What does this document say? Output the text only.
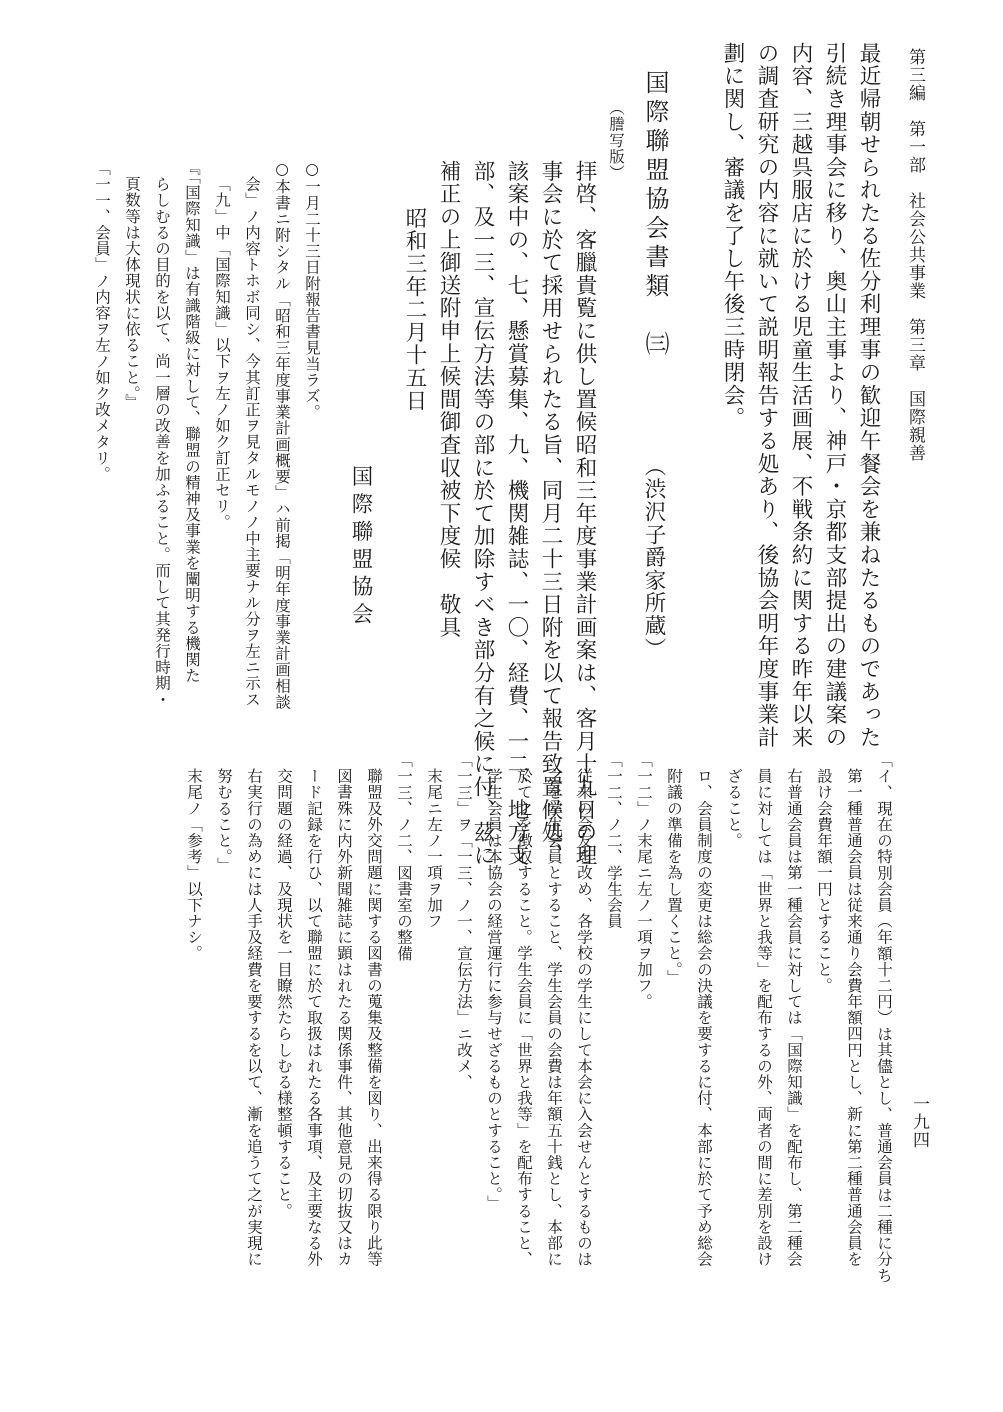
第三編　第一部　社会公共事業　第三章　国際親善
最近帰朝せられたる佐分利理事の歓迎午餐会を兼ねたるものであった
引続き理事会に移り、奥山主事より、神戸・京都支部提出の建議案の
内容、三越呉服店に於ける児童生活画展、不戦条約に関する昨年以来
の調査研究の内容に就いて説明報告する処あり、後協会明年度事業計
劃に関し、審議を了し午後三時閉会。
国際聯盟協会書類　㈢
（渋沢子爵家所蔵）
（謄写版）
拝啓、客臘貴覧に供し置候昭和三年度事業計画案は、客月十九日の理
事会に於て採用せられたる旨、同月二十三日附を以て報告致置候処、
該案中の、七、懸賞募集、九、機関雑誌、一〇、経費、一二、地方支
部、及一三、宣伝方法等の部に於て加除すべき部分有之候に付、茲に
補正の上御送附申上候間御査収被下度候　敬具
昭和三年二月十五日
国際聯盟協会
○一月二十三日附報告書見当ラズ。
○本書ニ附シタル「昭和三年度事業計画概要」ハ前掲「明年度事業計画相談
会」ノ内容トホボ同シ、今其訂正ヲ見タルモノノ中主要ナル分ヲ左ニ示ス
「九」中「国際知識」以下ヲ左ノ如ク訂正セリ。
『「国際知識」は有識階級に対して、聯盟の精神及事業を闡明する機関た
らしむるの目的を以て、尚一層の改善を加ふること。而して其発行時期・
頁数等は大体現状に依ること。』
「一一、会員」ノ内容ヲ左ノ如ク改メタリ。
一九四
「イ、現在の特別会員（年額十二円）は其儘とし、普通会員は二種に分ち
第一種普通会員は従来通り会費年額四円とし、新に第二種普通会員を
設け会費年額一円とすること。
右普通会員は第一種会員に対しては「国際知識」を配布し、第二種会
員に対しては「世界と我等」を配布するの外、両者の間に差別を設け
ざること。
ロ、会員制度の変更は総会の決議を要するに付、本部に於て予め総会
附議の準備を為し置くこと。」
「一二」ノ末尾ニ左ノ一項ヲ加フ。
「一二、ノ二、学生会員
従来の会友を改め、各学校の学生にして本会に入会せんとするものは
之を学生会員とすること、学生会員の会費は年額五十銭とし、本部に
於て之を徴収すること。学生会員に「世界と我等」を配布すること、
学生会員は本協会の経営運行に参与せざるものとすること。」
「一三」ヲ「一三、ノ一、宣伝方法」ニ改メ、
末尾ニ左ノ一項ヲ加フ
「一三、ノ二、図書室の整備
聯盟及外交問題に関する図書の蒐集及整備を図り、出来得る限り此等
図書殊に内外新聞雑誌に顕はれたる関係事件、其他意見の切抜又はカ
ード記録を行ひ、以て聯盟に於て取扱はれたる各事項、及主要なる外
交問題の経過、及現状を一目瞭然たらしむる様整頓すること。
右実行の為めには人手及経費を要するを以て、漸を追うて之が実現に
努むること。」
末尾ノ「参考」以下ナシ。
